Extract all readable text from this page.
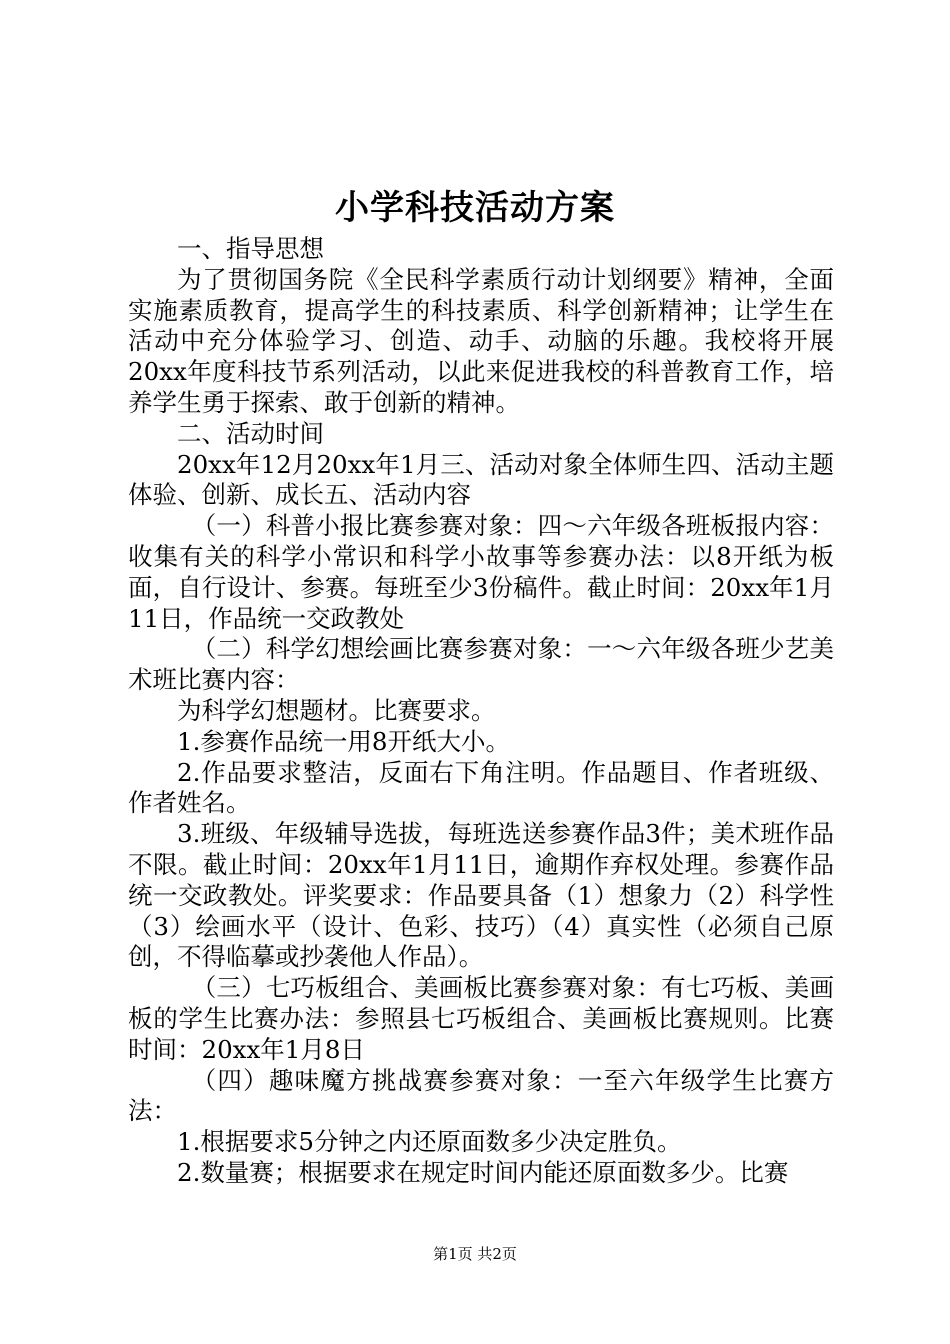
小学科技活动方案

一、指导思想

为了贯彻国务院《全民科学素质行动计划纲要》精神，全面实施素质教育，提高学生的科技素质、科学创新精神；让学生在活动中充分体验学习、创造、动手、动脑的乐趣。我校将开展20xx年度科技节系列活动，以此来促进我校的科普教育工作，培养学生勇于探索、敢于创新的精神。

二、活动时间

20xx年12月20xx年1月三、活动对象全体师生四、活动主题体验、创新、成长五、活动内容

（一）科普小报比赛参赛对象：四～六年级各班板报内容：收集有关的科学小常识和科学小故事等参赛办法：以8开纸为板面，自行设计、参赛。每班至少3份稿件。截止时间：20xx年1月11日，作品统一交政教处

（二）科学幻想绘画比赛参赛对象：一～六年级各班少艺美术班比赛内容：

为科学幻想题材。比赛要求。

1.参赛作品统一用8开纸大小。

2.作品要求整洁，反面右下角注明。作品题目、作者班级、作者姓名。

3.班级、年级辅导选拔，每班选送参赛作品3件；美术班作品不限。截止时间：20xx年1月11日，逾期作弃权处理。参赛作品统一交政教处。评奖要求：作品要具备（1）想象力（2）科学性（3）绘画水平（设计、色彩、技巧）（4）真实性（必须自己原创，不得临摹或抄袭他人作品）。

（三）七巧板组合、美画板比赛参赛对象：有七巧板、美画板的学生比赛办法：参照县七巧板组合、美画板比赛规则。比赛时间：20xx年1月8日

（四）趣味魔方挑战赛参赛对象：一至六年级学生比赛方法：

1.根据要求5分钟之内还原面数多少决定胜负。

2.数量赛；根据要求在规定时间内能还原面数多少。比赛

第1页 共2页
